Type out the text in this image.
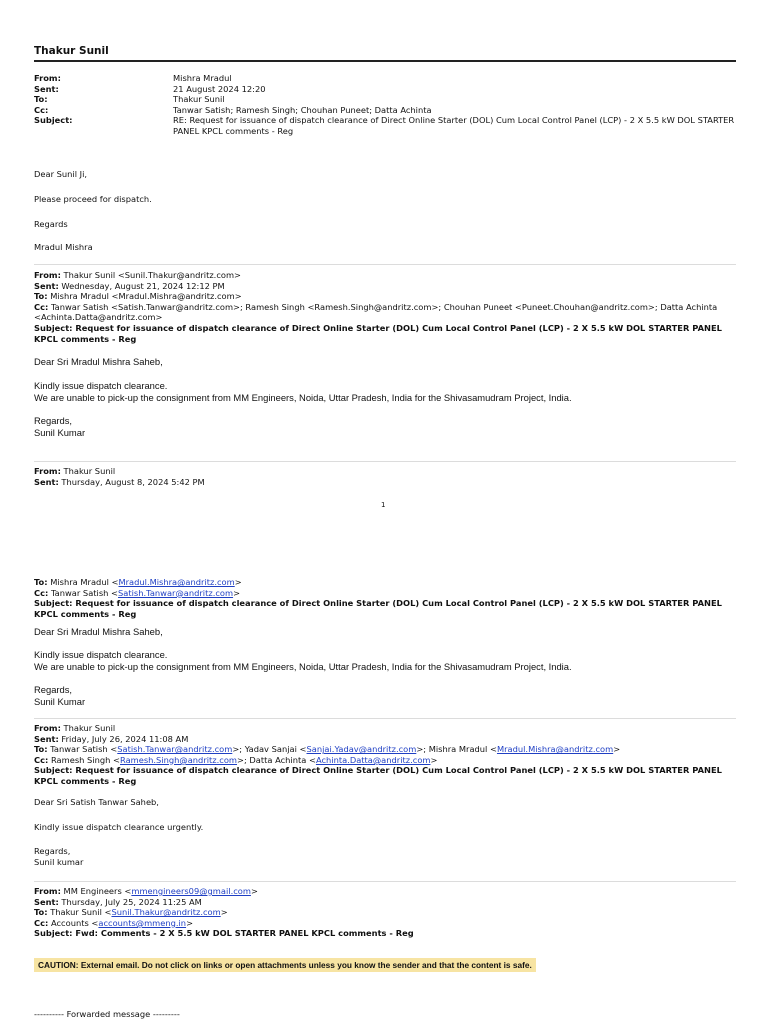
Thakur Sunil
From:	Mishra Mradul
Sent:	21 August 2024 12:20
To:	Thakur Sunil
Cc:	Tanwar Satish; Ramesh Singh; Chouhan Puneet; Datta Achinta
Subject:	RE: Request for issuance of dispatch clearance of Direct Online Starter (DOL) Cum Local Control Panel (LCP) - 2 X 5.5 kW DOL STARTER
PANEL KPCL comments - Reg
Dear Sunil Ji,
Please proceed for dispatch.
Regards
Mradul Mishra
From: Thakur Sunil <Sunil.Thakur@andritz.com>
Sent: Wednesday, August 21, 2024 12:12 PM
To: Mishra Mradul <Mradul.Mishra@andritz.com>
Cc: Tanwar Satish <Satish.Tanwar@andritz.com>; Ramesh Singh <Ramesh.Singh@andritz.com>; Chouhan Puneet <Puneet.Chouhan@andritz.com>; Datta Achinta
<Achinta.Datta@andritz.com>
Subject: Request for issuance of dispatch clearance of Direct Online Starter (DOL) Cum Local Control Panel (LCP) - 2 X 5.5 kW DOL STARTER PANEL KPCL comments - Reg
Dear Sri Mradul Mishra Saheb,

Kindly issue dispatch clearance.

We are unable to pick-up the consignment from MM Engineers, Noida, Uttar Pradesh, India for the Shivasamudram Project, India.

Regards,

Sunil Kumar

From: Thakur Sunil
Sent: Thursday, August 8, 2024 5:42 PM
1
To: Mishra Mradul <Mradul.Mishra@andritz.com>
Cc: Tanwar Satish <Satish.Tanwar@andritz.com>
Subject: Request for issuance of dispatch clearance of Direct Online Starter (DOL) Cum Local Control Panel (LCP) - 2 X 5.5 kW DOL STARTER PANEL KPCL comments - Reg
Dear Sri Mradul Mishra Saheb,

Kindly issue dispatch clearance.

We are unable to pick-up the consignment from MM Engineers, Noida, Uttar Pradesh, India for the Shivasamudram Project, India.

Regards,

Sunil Kumar

From: Thakur Sunil
Sent: Friday, July 26, 2024 11:08 AM
To: Tanwar Satish <Satish.Tanwar@andritz.com>; Yadav Sanjai <Sanjai.Yadav@andritz.com>; Mishra Mradul <Mradul.Mishra@andritz.com>
Cc: Ramesh Singh <Ramesh.Singh@andritz.com>; Datta Achinta <Achinta.Datta@andritz.com>
Subject: Request for issuance of dispatch clearance of Direct Online Starter (DOL) Cum Local Control Panel (LCP) - 2 X 5.5 kW DOL STARTER PANEL KPCL comments - Reg
Dear Sri Satish Tanwar Saheb,
Kindly issue dispatch clearance urgently.

Regards,

Sunil kumar

From: MM Engineers <mmengineers09@gmail.com>
Sent: Thursday, July 25, 2024 11:25 AM
To: Thakur Sunil <Sunil.Thakur@andritz.com>
Cc: Accounts <accounts@mmeng.in>
Subject: Fwd: Comments - 2 X 5.5 kW DOL STARTER PANEL KPCL comments - Reg
CAUTION: External email. Do not click on links or open attachments unless you know the sender and that the content is safe.
---------- Forwarded message ---------
